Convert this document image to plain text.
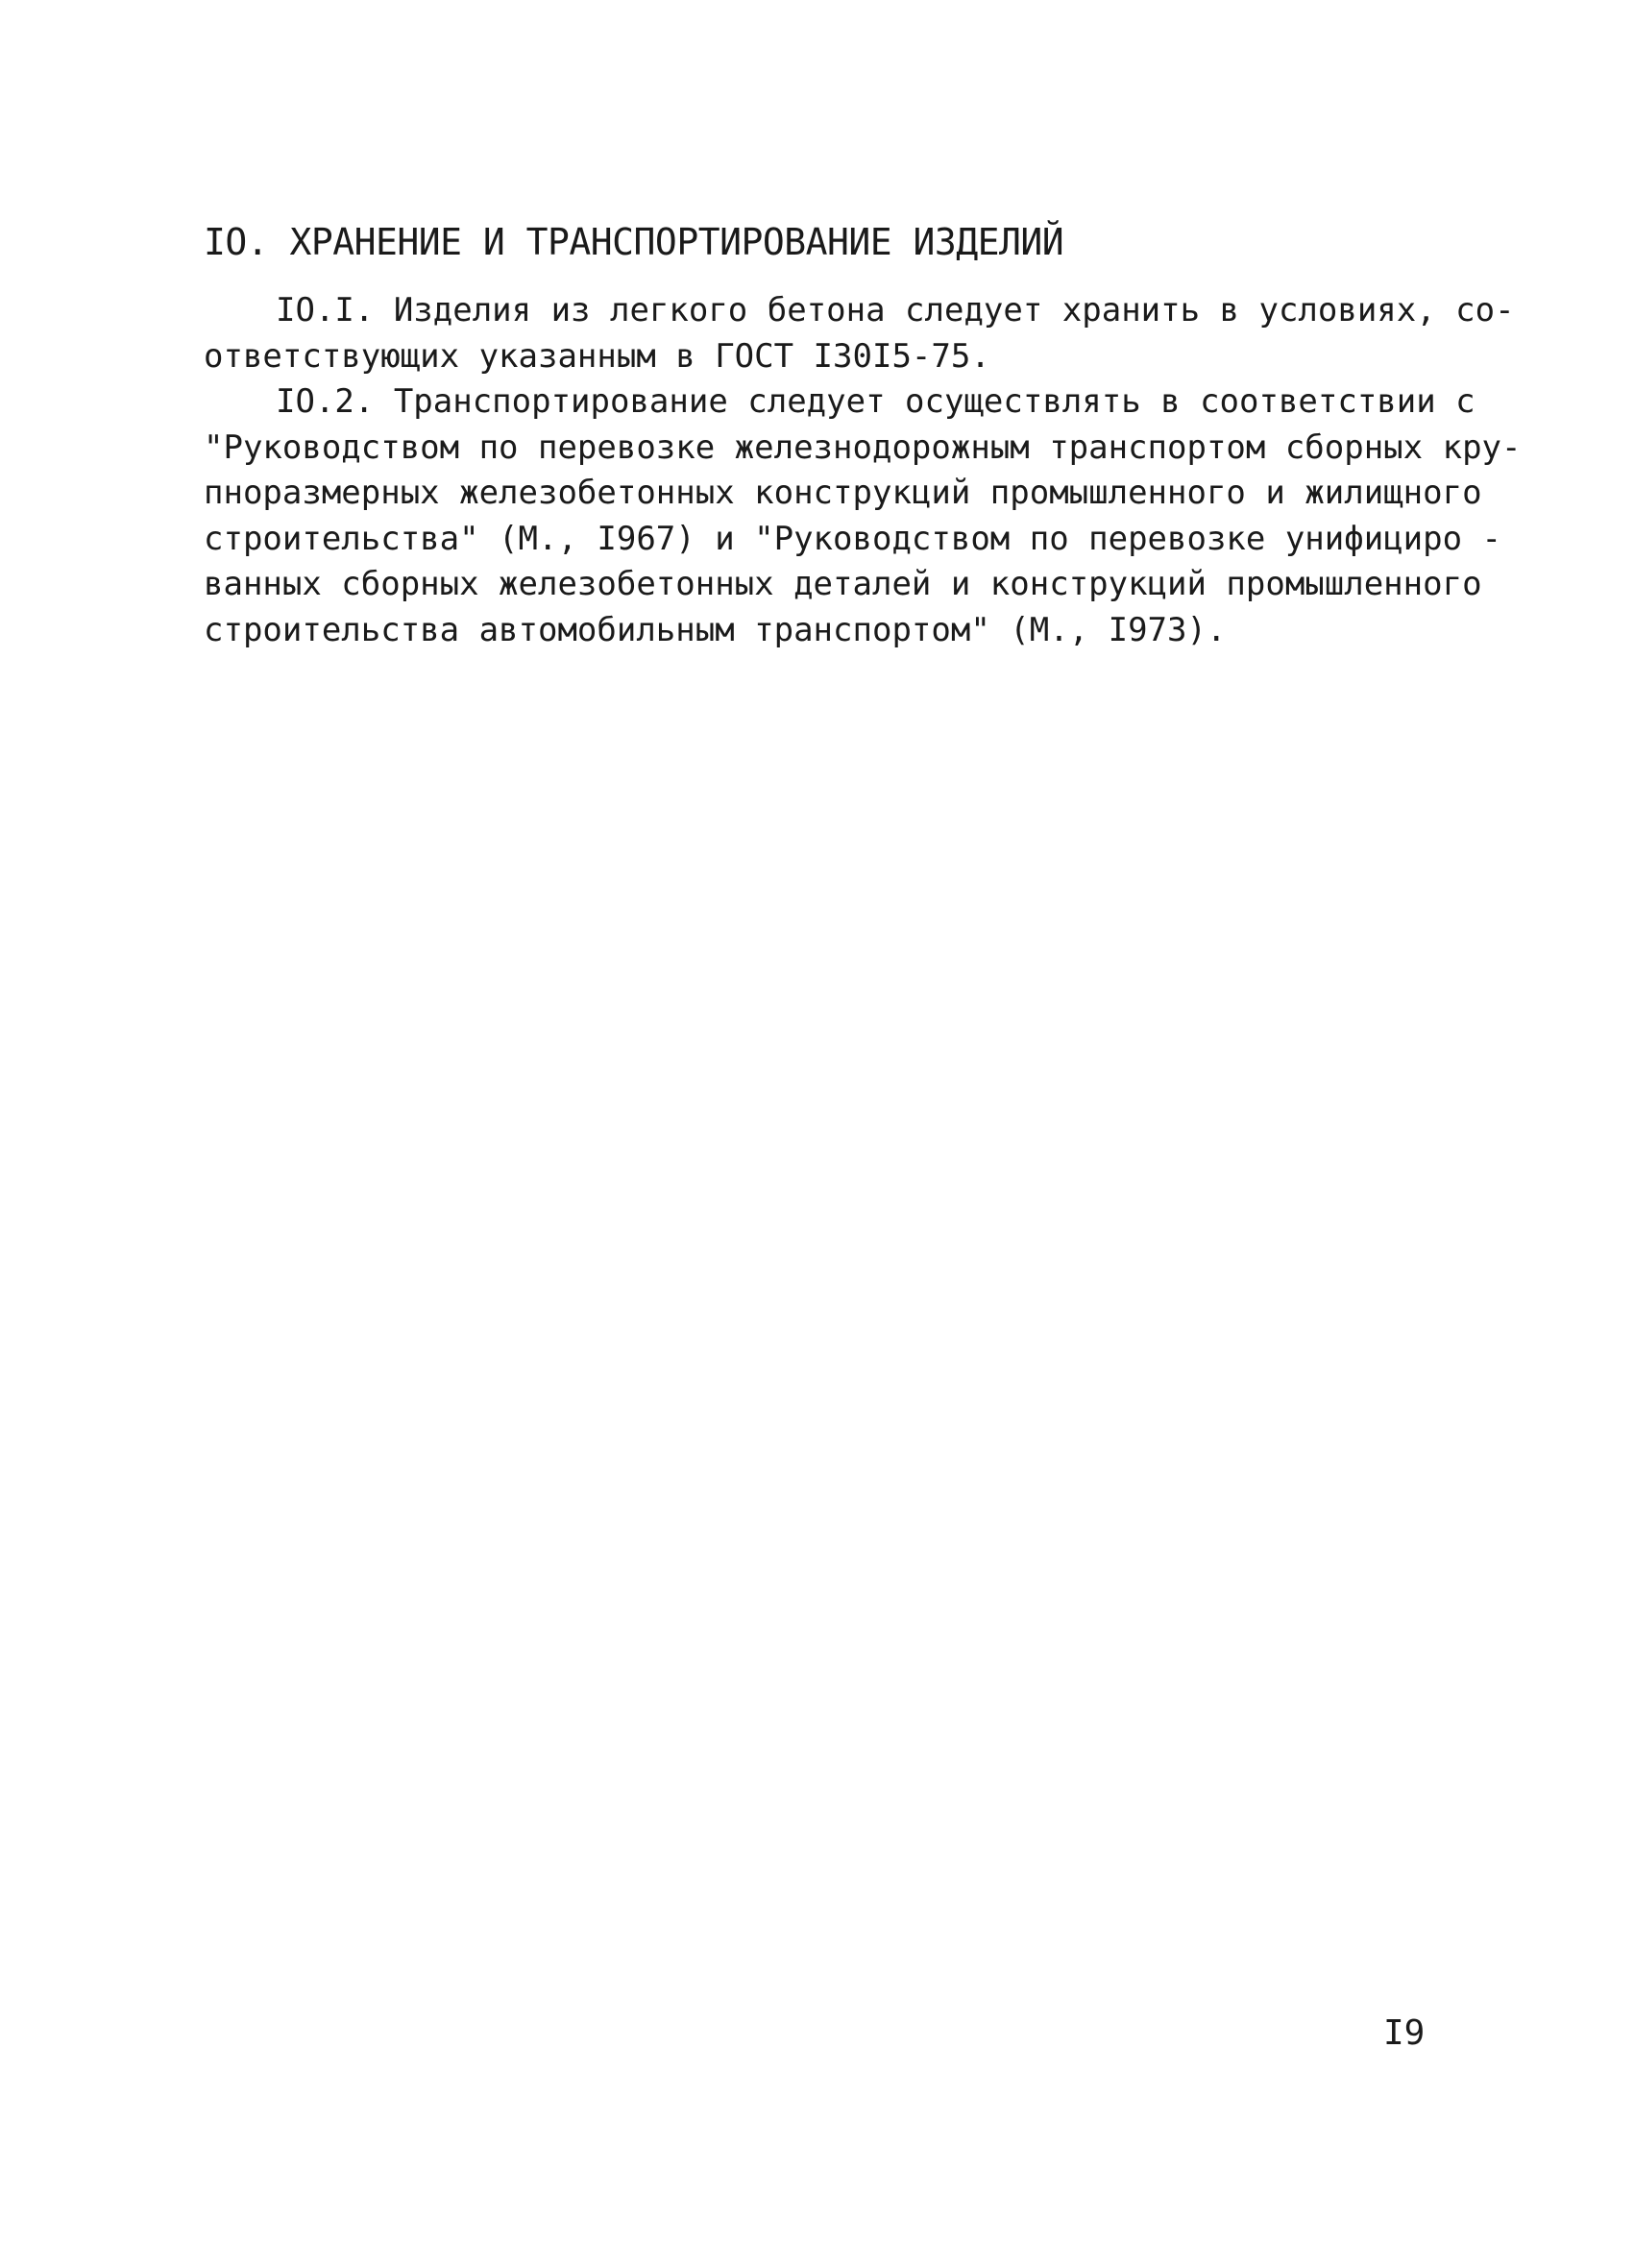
IO. ХРАНЕНИЕ И ТРАНСПОРТИРОВАНИЕ ИЗДЕЛИЙ
IO.I. Изделия из легкого бетона следует хранить в условиях, со-
ответствующих указанным в ГОСТ I30I5-75.
IO.2. Транспортирование следует осуществлять в соответствии с
"Руководством по перевозке железнодорожным транспортом сборных кру-
пноразмерных железобетонных конструкций промышленного и жилищного
строительства" (М., I967) и "Руководством по перевозке унифициро -
ванных сборных железобетонных деталей и конструкций промышленного
строительства автомобильным транспортом" (М., I973).
I9
